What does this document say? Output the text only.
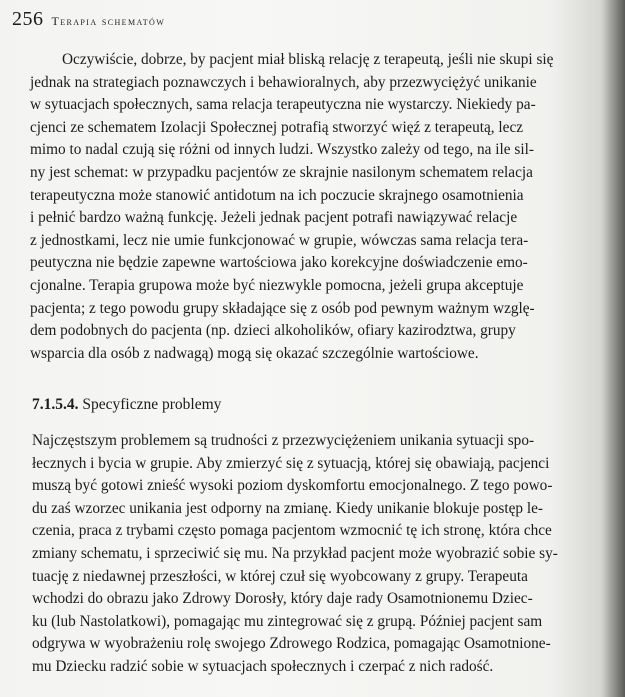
256 Terapia schematów

Oczywiście, dobrze, by pacjent miał bliską relację z terapeutą, jeśli nie skupi się
jednak na strategiach poznawczych i behawioralnych, aby przezwyciężyć unikanie
w sytuacjach społecznych, sama relacja terapeutyczna nie wystarczy. Niekiedy pa-
cjenci ze schematem Izolacji Społecznej potrafią stworzyć więź z terapeutą, lecz
mimo to nadal czują się różni od innych ludzi. Wszystko zależy od tego, na ile sil-
ny jest schemat: w przypadku pacjentów ze skrajnie nasilonym schematem relacja
terapeutyczna może stanowić antidotum na ich poczucie skrajnego osamotnienia
i pełnić bardzo ważną funkcję. Jeżeli jednak pacjent potrafi nawiązywać relacje
z jednostkami, lecz nie umie funkcjonować w grupie, wówczas sama relacja tera-
peutyczna nie będzie zapewne wartościowa jako korekcyjne doświadczenie emo-
cjonalne. Terapia grupowa może być niezwykle pomocna, jeżeli grupa akceptuje
pacjenta; z tego powodu grupy składające się z osób pod pewnym ważnym wzglę-
dem podobnych do pacjenta (np. dzieci alkoholików, ofiary kazirodztwa, grupy
wsparcia dla osób z nadwagą) mogą się okazać szczególnie wartościowe.

7.1.5.4. Specyficzne problemy

Najczęstszym problemem są trudności z przezwyciężeniem unikania sytuacji spo-
łecznych i bycia w grupie. Aby zmierzyć się z sytuacją, której się obawiają, pacjenci
muszą być gotowi znieść wysoki poziom dyskomfortu emocjonalnego. Z tego powo-
du zaś wzorzec unikania jest odporny na zmianę. Kiedy unikanie blokuje postęp le-
czenia, praca z trybami często pomaga pacjentom wzmocnić tę ich stronę, która chce
zmiany schematu, i sprzeciwić się mu. Na przykład pacjent może wyobrazić sobie sy-
tuację z niedawnej przeszłości, w której czuł się wyobcowany z grupy. Terapeuta
wchodzi do obrazu jako Zdrowy Dorosły, który daje rady Osamotnionemu Dziec-
ku (lub Nastolatkowi), pomagając mu zintegrować się z grupą. Później pacjent sam
odgrywa w wyobrażeniu rolę swojego Zdrowego Rodzica, pomagając Osamotnione-
mu Dziecku radzić sobie w sytuacjach społecznych i czerpać z nich radość.
